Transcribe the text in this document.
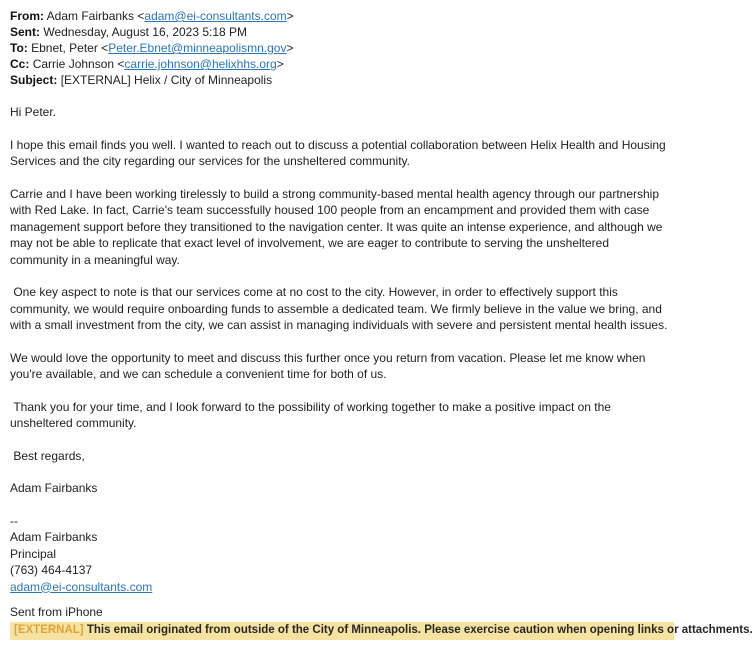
From: Adam Fairbanks <adam@ei-consultants.com>
Sent: Wednesday, August 16, 2023 5:18 PM
To: Ebnet, Peter <Peter.Ebnet@minneapolismn.gov>
Cc: Carrie Johnson <carrie.johnson@helixhhs.org>
Subject: [EXTERNAL] Helix / City of Minneapolis

Hi Peter.

I hope this email finds you well. I wanted to reach out to discuss a potential collaboration between Helix Health and Housing Services and the city regarding our services for the unsheltered community.

Carrie and I have been working tirelessly to build a strong community-based mental health agency through our partnership with Red Lake. In fact, Carrie's team successfully housed 100 people from an encampment and provided them with case management support before they transitioned to the navigation center. It was quite an intense experience, and although we may not be able to replicate that exact level of involvement, we are eager to contribute to serving the unsheltered community in a meaningful way.

One key aspect to note is that our services come at no cost to the city. However, in order to effectively support this community, we would require onboarding funds to assemble a dedicated team. We firmly believe in the value we bring, and with a small investment from the city, we can assist in managing individuals with severe and persistent mental health issues.

We would love the opportunity to meet and discuss this further once you return from vacation. Please let me know when you're available, and we can schedule a convenient time for both of us.

Thank you for your time, and I look forward to the possibility of working together to make a positive impact on the unsheltered community.

Best regards,

Adam Fairbanks

--
Adam Fairbanks
Principal
(763) 464-4137
adam@ei-consultants.com
Sent from iPhone
[EXTERNAL] This email originated from outside of the City of Minneapolis. Please exercise caution when opening links or attachments.
